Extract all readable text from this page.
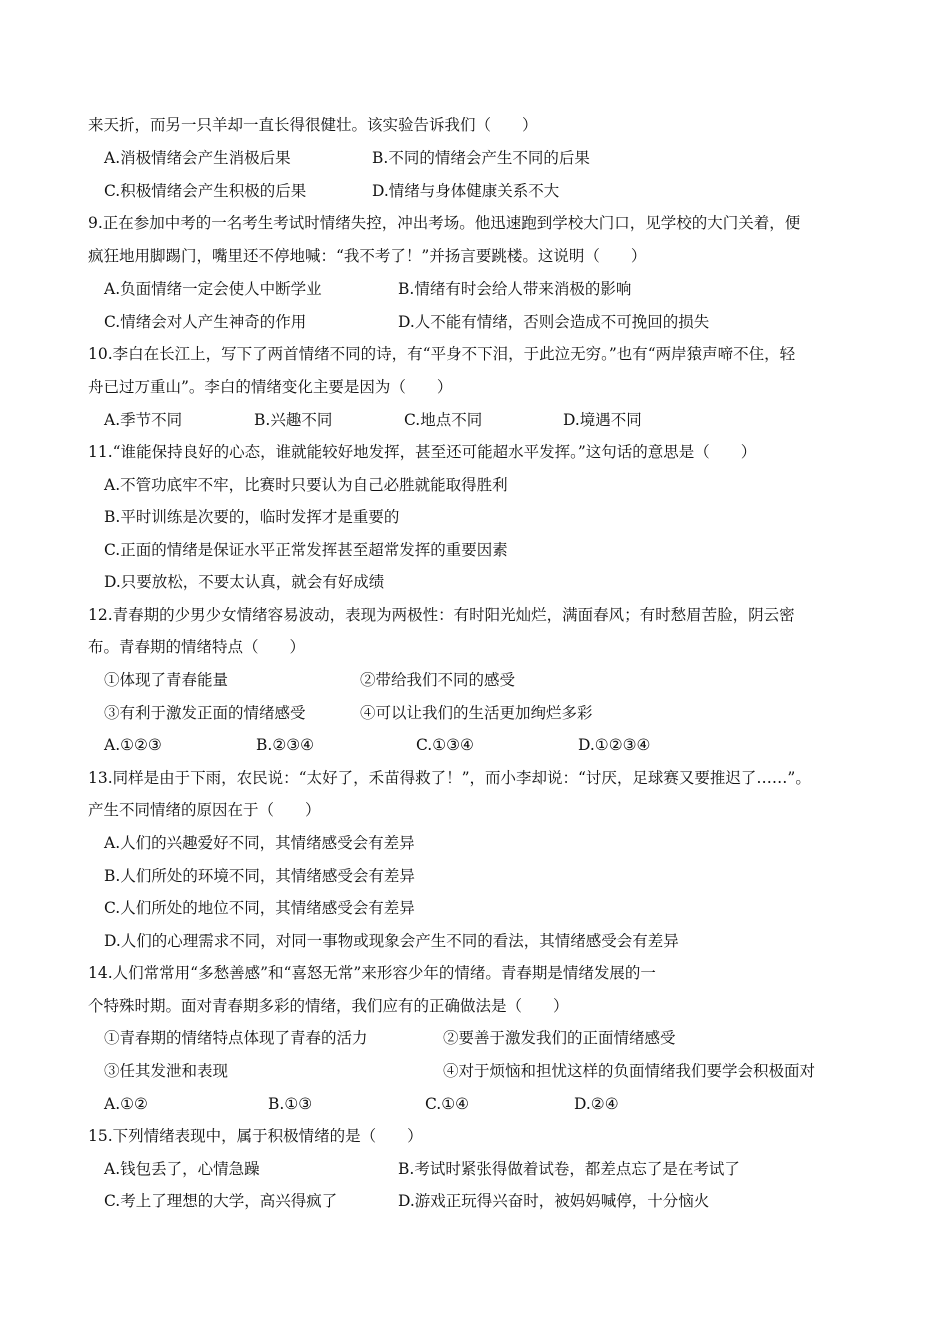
来天折，而另一只羊却一直长得很健壮。该实验告诉我们（　　）
A.消极情绪会产生消极后果	B.不同的情绪会产生不同的后果
C.积极情绪会产生积极的后果	D.情绪与身体健康关系不大
9.正在参加中考的一名考生考试时情绪失控，冲出考场。他迅速跑到学校大门口，见学校的大门关着，便
疯狂地用脚踢门，嘴里还不停地喊：“我不考了！”并扬言要跳楼。这说明（　　）
A.负面情绪一定会使人中断学业	B.情绪有时会给人带来消极的影响
C.情绪会对人产生神奇的作用	D.人不能有情绪，否则会造成不可挽回的损失
10.李白在长江上，写下了两首情绪不同的诗，有“平身不下泪，于此泣无穷。”也有“两岸猿声啼不住，轻
舟已过万重山”。李白的情绪变化主要是因为（　　）
A.季节不同	B.兴趣不同	C.地点不同	D.境遇不同
11.“谁能保持良好的心态，谁就能较好地发挥，甚至还可能超水平发挥。”这句话的意思是（　　）
A.不管功底牢不牢，比赛时只要认为自己必胜就能取得胜利
B.平时训练是次要的，临时发挥才是重要的
C.正面的情绪是保证水平正常发挥甚至超常发挥的重要因素
D.只要放松，不要太认真，就会有好成绩
12.青春期的少男少女情绪容易波动，表现为两极性：有时阳光灿烂，满面春风；有时愁眉苦脸，阴云密
布。青春期的情绪特点（　　）
①体现了青春能量	②带给我们不同的感受
③有利于激发正面的情绪感受	④可以让我们的生活更加绚烂多彩
A.①②③	B.②③④	C.①③④	D.①②③④
13.同样是由于下雨，农民说：“太好了，禾苗得救了！”，而小李却说：“讨厌，足球赛又要推迟了……”。
产生不同情绪的原因在于（　　）
A.人们的兴趣爱好不同，其情绪感受会有差异
B.人们所处的环境不同，其情绪感受会有差异
C.人们所处的地位不同，其情绪感受会有差异
D.人们的心理需求不同，对同一事物或现象会产生不同的看法，其情绪感受会有差异
14.人们常常用“多愁善感”和“喜怒无常”来形容少年的情绪。青春期是情绪发展的一
个特殊时期。面对青春期多彩的情绪，我们应有的正确做法是（　　）
①青春期的情绪特点体现了青春的活力	②要善于激发我们的正面情绪感受
③任其发泄和表现	④对于烦恼和担忧这样的负面情绪我们要学会积极面对
A.①②	B.①③	C.①④	D.②④
15.下列情绪表现中，属于积极情绪的是（　　）
A.钱包丢了，心情急躁	B.考试时紧张得做着试卷，都差点忘了是在考试了
C.考上了理想的大学，高兴得疯了	D.游戏正玩得兴奋时，被妈妈喊停，十分恼火
